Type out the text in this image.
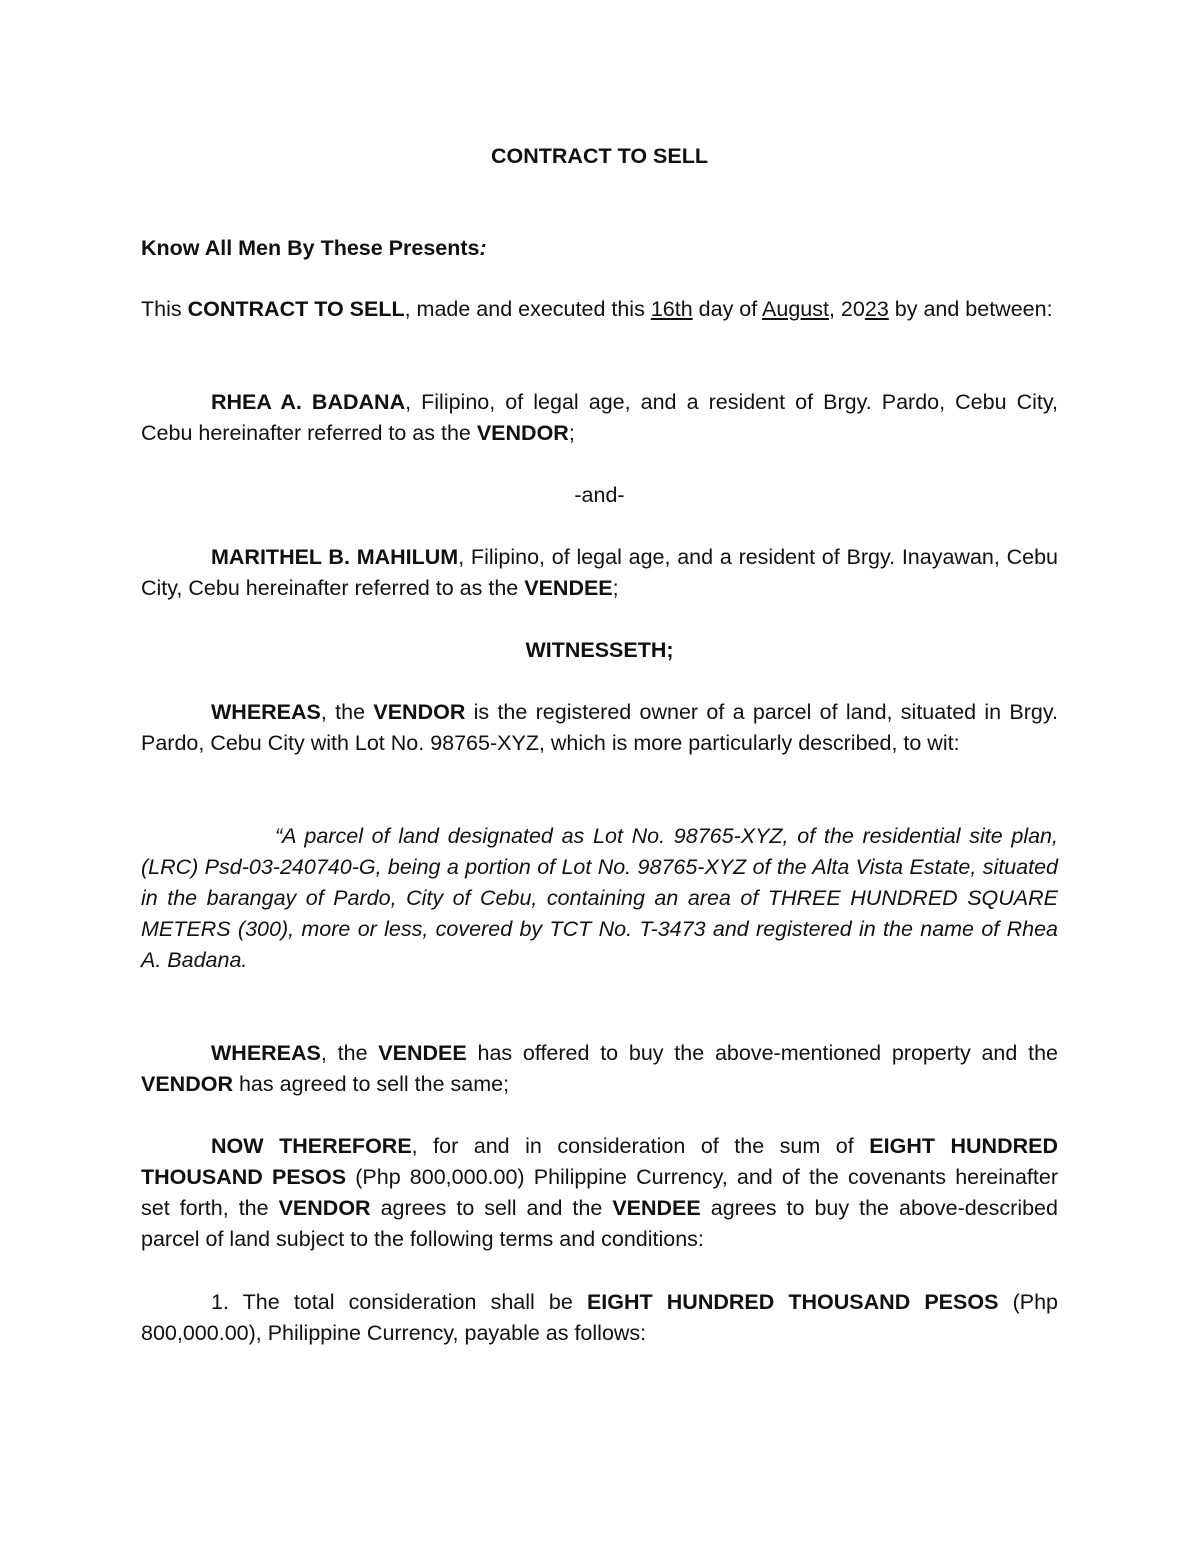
CONTRACT TO SELL

Know All Men By These Presents:

This CONTRACT TO SELL, made and executed this 16th day of August, 2023 by and between:

RHEA A. BADANA, Filipino, of legal age, and a resident of Brgy. Pardo, Cebu City, Cebu hereinafter referred to as the VENDOR;

-and-

MARITHEL B. MAHILUM, Filipino, of legal age, and a resident of Brgy. Inayawan, Cebu City, Cebu hereinafter referred to as the VENDEE;

WITNESSETH;

WHEREAS, the VENDOR is the registered owner of a parcel of land, situated in Brgy. Pardo, Cebu City with Lot No. 98765-XYZ, which is more particularly described, to wit:

“A parcel of land designated as Lot No. 98765-XYZ, of the residential site plan, (LRC) Psd-03-240740-G, being a portion of Lot No. 98765-XYZ of the Alta Vista Estate, situated in the barangay of Pardo, City of Cebu, containing an area of THREE HUNDRED SQUARE METERS (300), more or less, covered by TCT No. T-3473 and registered in the name of Rhea A. Badana.

WHEREAS, the VENDEE has offered to buy the above-mentioned property and the VENDOR has agreed to sell the same;

NOW THEREFORE, for and in consideration of the sum of EIGHT HUNDRED THOUSAND PESOS (Php 800,000.00) Philippine Currency, and of the covenants hereinafter set forth, the VENDOR agrees to sell and the VENDEE agrees to buy the above-described parcel of land subject to the following terms and conditions:

1. The total consideration shall be EIGHT HUNDRED THOUSAND PESOS (Php 800,000.00), Philippine Currency, payable as follows:
